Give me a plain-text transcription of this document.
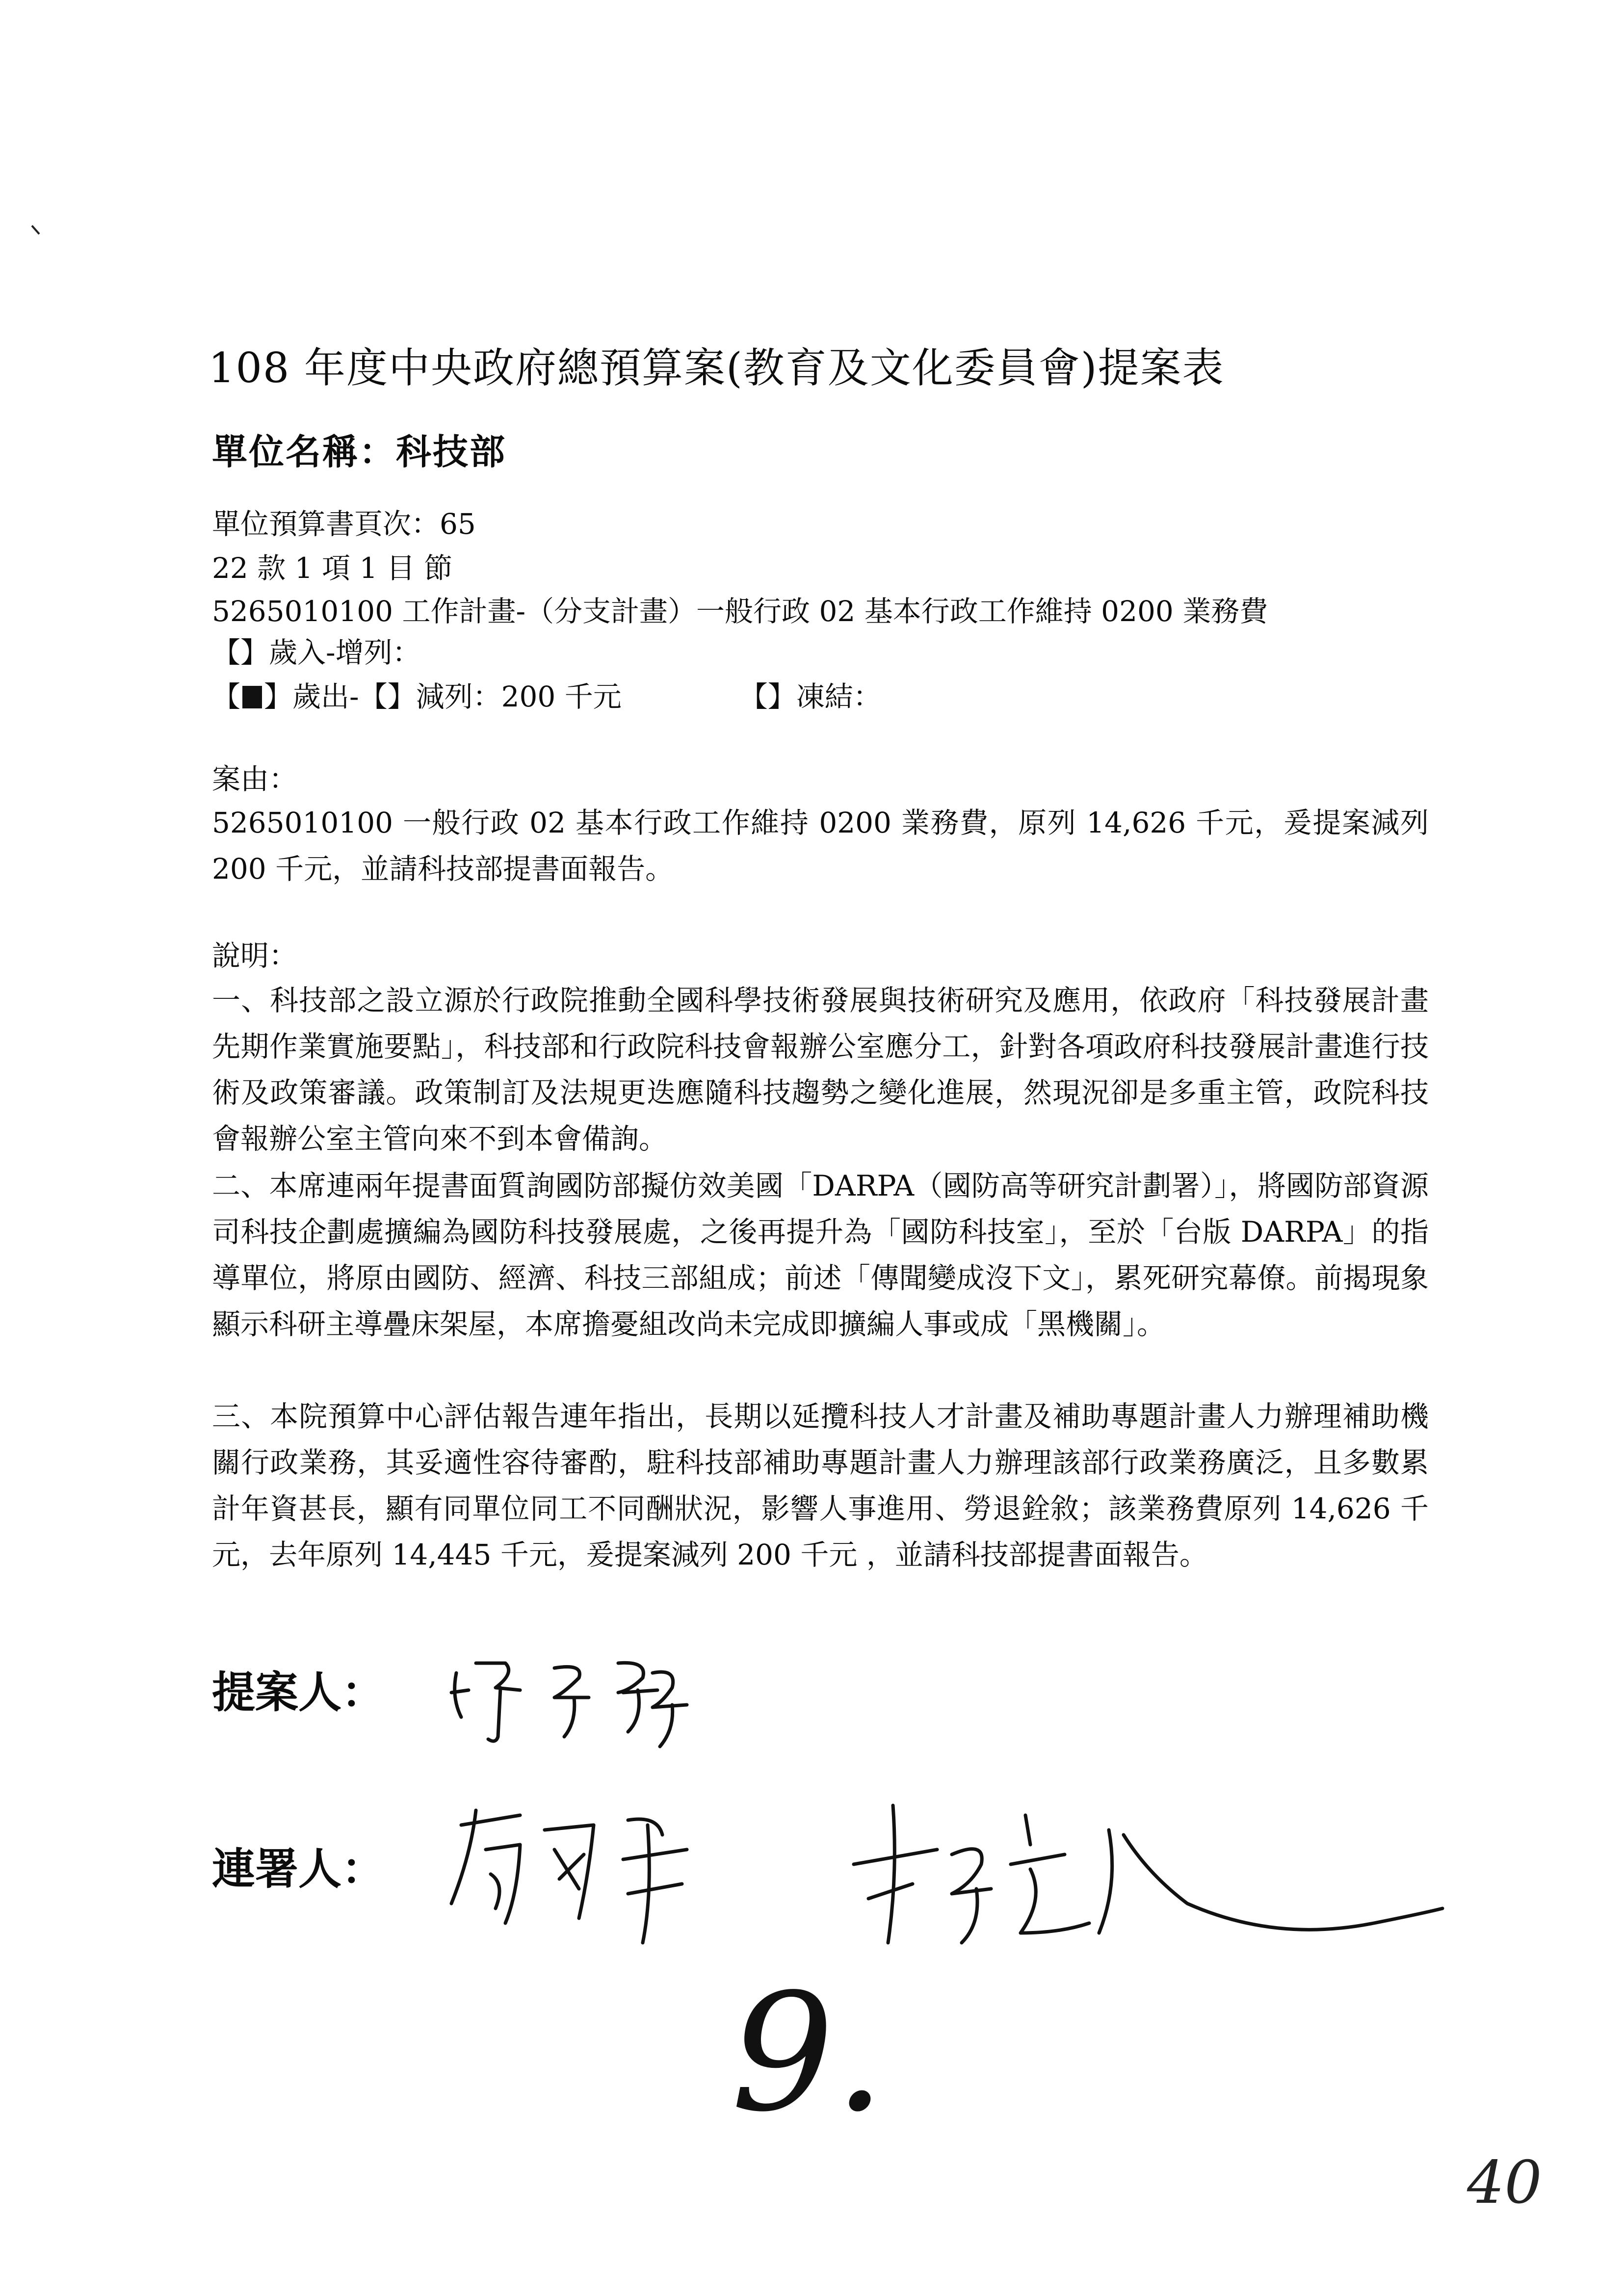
108 年度中央政府總預算案(教育及文化委員會)提案表
單位名稱：科技部
單位預算書頁次：65
22 款 1 項 1 目 節
5265010100 工作計畫-（分支計畫）一般行政 02 基本行政工作維持 0200 業務費
【】歲入-增列：
【 】歲出-【】減列：200 千元	【】凍結：
案由：
5265010100 一般行政 02 基本行政工作維持 0200 業務費，原列 14,626 千元，爰提案減列 200 千元，並請科技部提書面報告。
說明：
一、科技部之設立源於行政院推動全國科學技術發展與技術研究及應用，依政府「科技發展計畫先期作業實施要點」，科技部和行政院科技會報辦公室應分工，針對各項政府科技發展計畫進行技術及政策審議。政策制訂及法規更迭應隨科技趨勢之變化進展，然現況卻是多重主管，政院科技會報辦公室主管向來不到本會備詢。
二、本席連兩年提書面質詢國防部擬仿效美國「DARPA（國防高等研究計劃署）」，將國防部資源司科技企劃處擴編為國防科技發展處，之後再提升為「國防科技室」，至於「台版 DARPA」的指導單位，將原由國防、經濟、科技三部組成；前述「傳聞變成沒下文」，累死研究幕僚。前揭現象顯示科研主導疊床架屋，本席擔憂組改尚未完成即擴編人事或成「黑機關」。
三、本院預算中心評估報告連年指出，長期以延攬科技人才計畫及補助專題計畫人力辦理補助機關行政業務，其妥適性容待審酌，駐科技部補助專題計畫人力辦理該部行政業務廣泛，且多數累計年資甚長，顯有同單位同工不同酬狀況，影響人事進用、勞退銓敘；該業務費原列 14,626 千元，去年原列 14,445 千元，爰提案減列 200 千元 ，並請科技部提書面報告。
提案人：
連署人：
9.
40
